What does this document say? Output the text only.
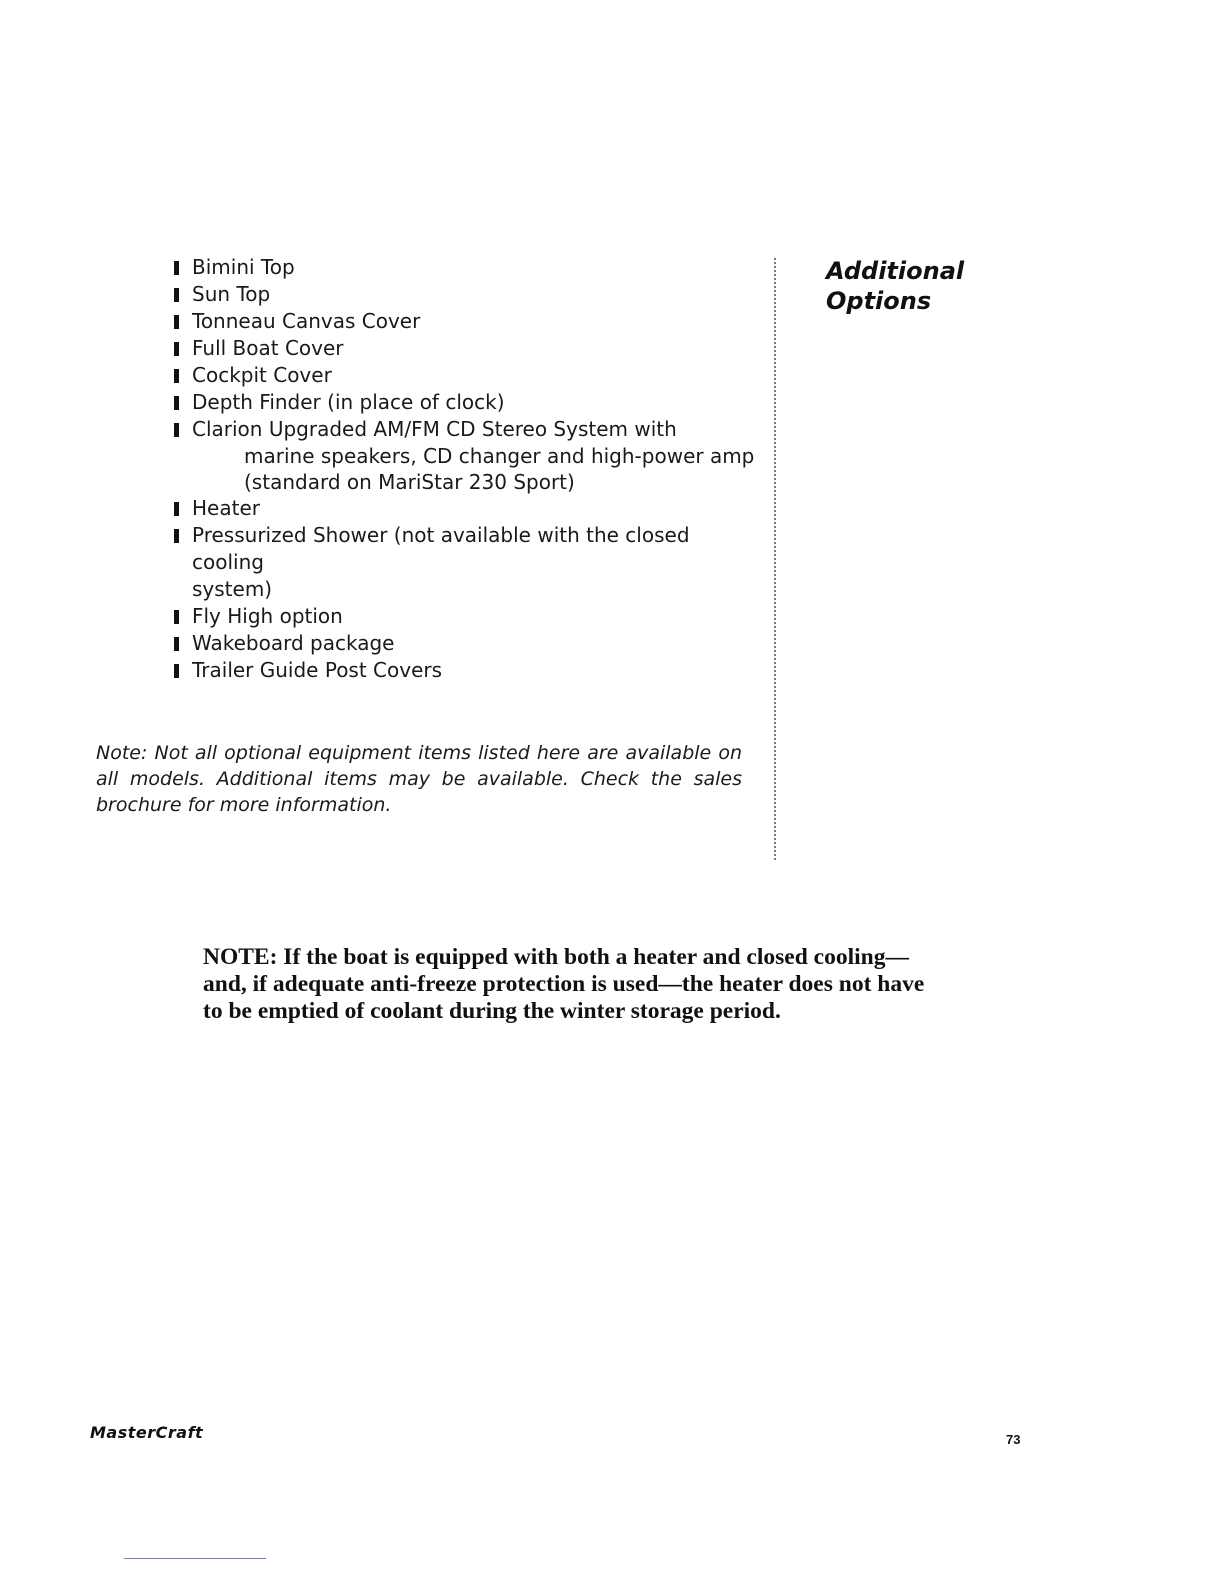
Bimini Top
Sun Top
Tonneau Canvas Cover
Full Boat Cover
Cockpit Cover
Depth Finder (in place of clock)
Clarion Upgraded AM/FM CD Stereo System with
marine speakers, CD changer and high-power amp
(standard on MariStar 230 Sport)
Heater
Pressurized Shower (not available with the closed cooling
system)
Fly High option
Wakeboard package
Trailer Guide Post Covers

Note: Not all optional equipment items listed here are available on all models. Additional items may be available. Check the sales brochure for more information.

Additional
Options

NOTE: If the boat is equipped with both a heater and closed cooling—and, if adequate anti-freeze protection is used—the heater does not have to be emptied of coolant during the winter storage period.

MasterCraft	73
